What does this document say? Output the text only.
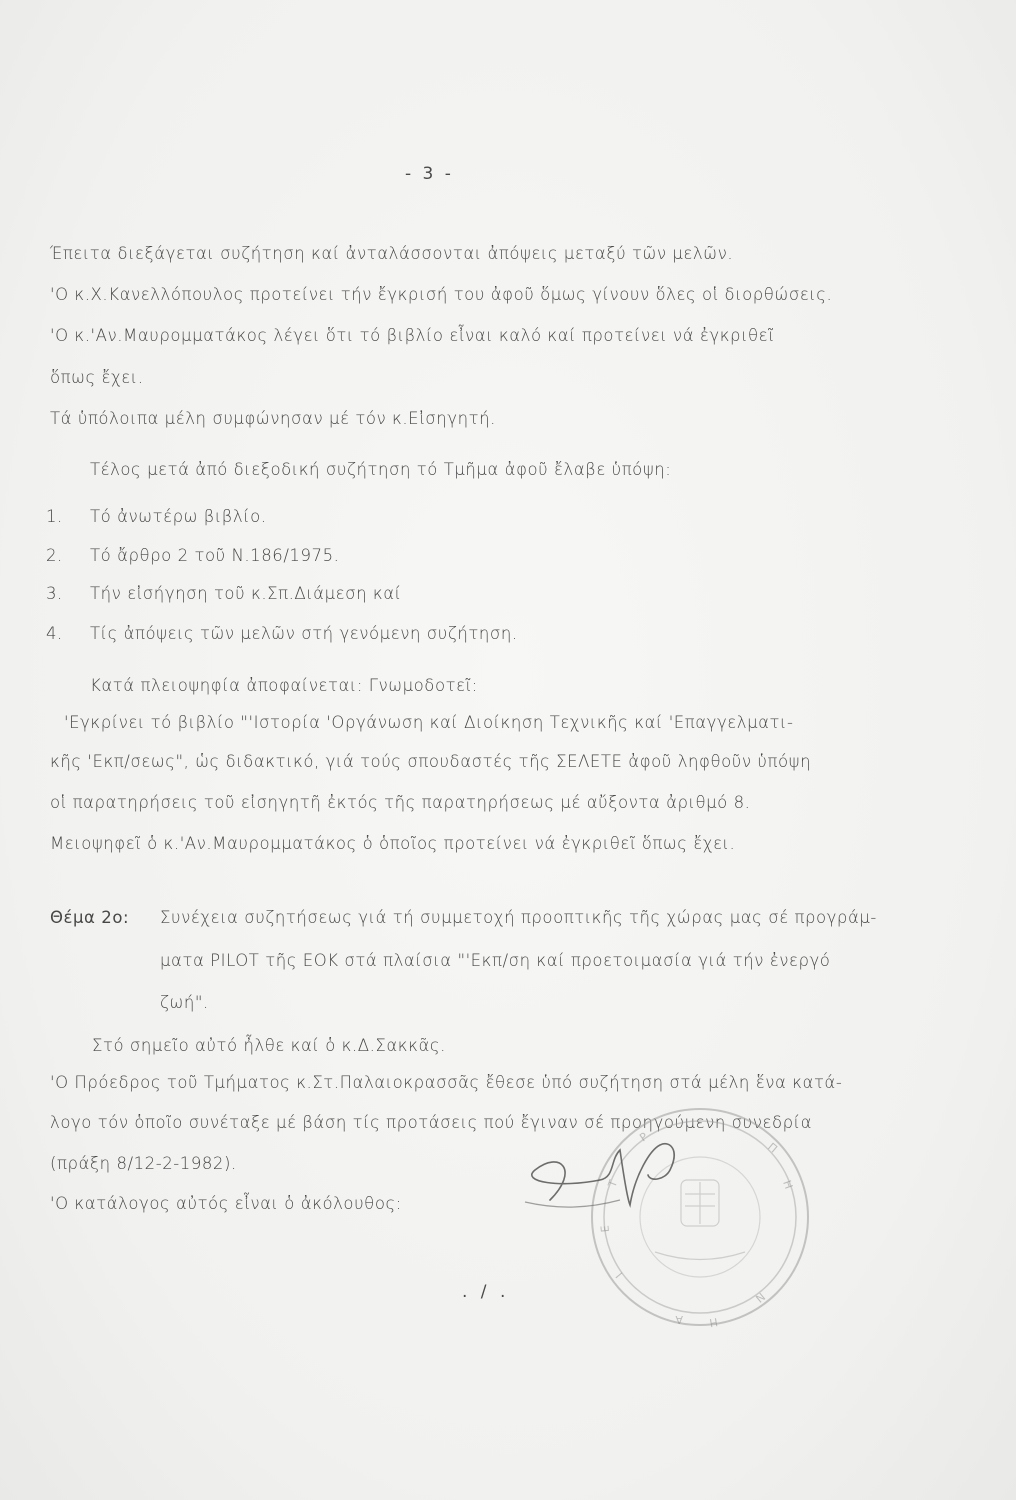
- 3 -
Έπειτα διεξάγεται συζήτηση καί ἀνταλάσσονται ἀπόψεις μεταξύ τῶν μελῶν.
'Ο κ.Χ.Κανελλόπουλος προτείνει τήν ἔγκρισή του ἀφοῦ ὅμως γίνουν ὅλες οἱ διορθώσεις.
'Ο κ.'Αν.Μαυρομματάκος λέγει ὅτι τό βιβλίο εἶναι καλό καί προτείνει νά ἐγκριθεῖ
ὅπως ἔχει.
Τά ὑπόλοιπα μέλη συμφώνησαν μέ τόν κ.Εἰσηγητή.
Τέλος μετά ἀπό διεξοδική συζήτηση τό Τμῆμα ἀφοῦ ἔλαβε ὑπόψη:
1. Τό ἀνωτέρω βιβλίο.
2. Τό ἄρθρο 2 τοῦ Ν.186/1975.
3. Τήν εἰσήγηση τοῦ κ.Σπ.Διάμεση καί
4. Τίς ἀπόψεις τῶν μελῶν στή γενόμενη συζήτηση.
Κατά πλειοψηφία ἀποφαίνεται: Γνωμοδοτεῖ:
'Εγκρίνει τό βιβλίο "'Ιστορία 'Οργάνωση καί Διοίκηση Τεχνικῆς καί 'Επαγγελματι-
κῆς 'Εκπ/σεως", ὡς διδακτικό, γιά τούς σπουδαστές τῆς ΣΕΛΕΤΕ ἀφοῦ ληφθοῦν ὑπόψη
οἱ παρατηρήσεις τοῦ εἰσηγητῆ ἐκτός τῆς παρατηρήσεως μέ αὔξοντα ἀριθμό 8.
Μειοψηφεῖ ὁ κ.'Αν.Μαυρομματάκος ὁ ὁποῖος προτείνει νά ἐγκριθεῖ ὅπως ἔχει.
Θέμα 2ο: Συνέχεια συζητήσεως γιά τή συμμετοχή προοπτικῆς τῆς χώρας μας σέ προγράμ-
ματα PILOT τῆς ΕΟΚ στά πλαίσια "'Εκπ/ση καί προετοιμασία γιά τήν ἐνεργό
ζωή".
Στό σημεῖο αὐτό ἦλθε καί ὁ κ.Δ.Σακκᾶς.
'Ο Πρόεδρος τοῦ Τμήματος κ.Στ.Παλαιοκρασσᾶς ἔθεσε ὑπό συζήτηση στά μέλη ἕνα κατά-
λογο τόν ὁποῖο συνέταξε μέ βάση τίς προτάσεις πού ἔγιναν σέ προηγούμενη συνεδρία
(πράξη 8/12-2-1982).
'Ο κατάλογος αὐτός εἶναι ὁ ἀκόλουθος:
Ρ
Τ
Ε
Ι
Α Η
Ν
Η
Π
. / .
